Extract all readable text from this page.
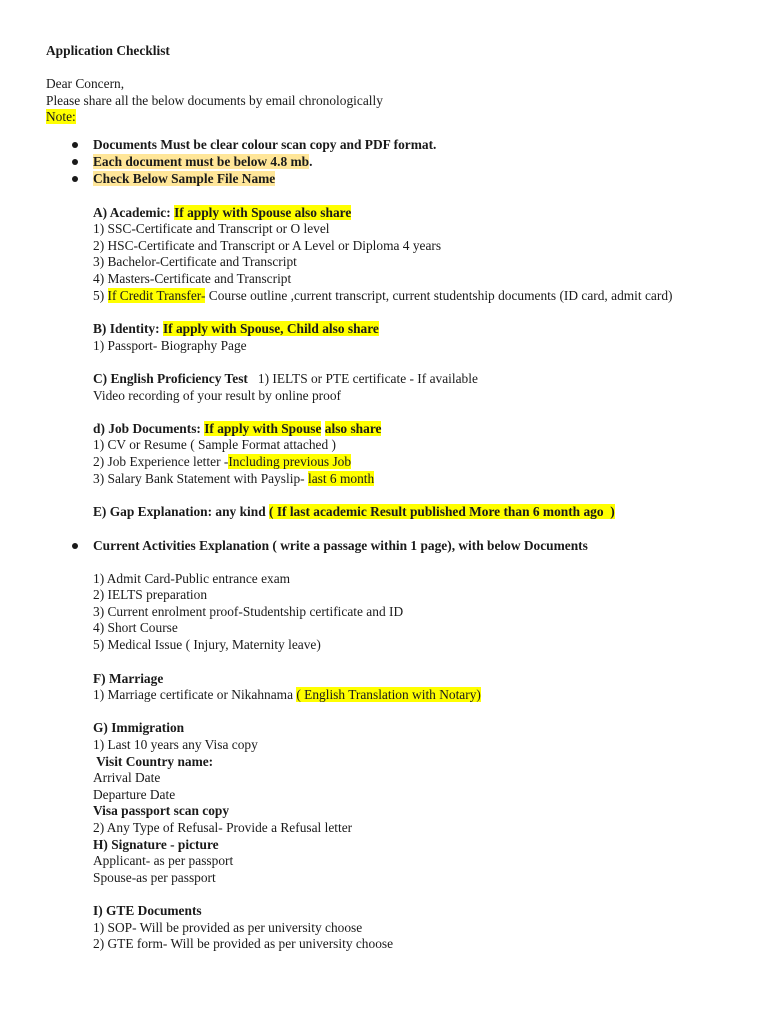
Application Checklist
Dear Concern,
Please share all the below documents by email chronologically
Note:
Documents Must be clear colour scan copy and PDF format.
Each document must be below 4.8 mb.
Check Below Sample File Name
A) Academic: If apply with Spouse also share
1) SSC-Certificate and Transcript or O level
2) HSC-Certificate and Transcript or A Level or Diploma 4 years
3) Bachelor-Certificate and Transcript
4) Masters-Certificate and Transcript
5) If Credit Transfer- Course outline ,current transcript, current studentship documents (ID card, admit card)
B) Identity: If apply with Spouse, Child also share
1) Passport- Biography Page
C) English Proficiency Test   1) IELTS or PTE certificate - If available
Video recording of your result by online proof
d) Job Documents: If apply with Spouse also share
1) CV or Resume ( Sample Format attached )
2) Job Experience letter -Including previous Job
3) Salary Bank Statement with Payslip- last 6 month
E) Gap Explanation: any kind ( If last academic Result published More than 6 month ago  )
Current Activities Explanation ( write a passage within 1 page), with below Documents
1) Admit Card-Public entrance exam
2) IELTS preparation
3) Current enrolment proof-Studentship certificate and ID
4) Short Course
5) Medical Issue ( Injury, Maternity leave)
F) Marriage
1) Marriage certificate or Nikahnama ( English Translation with Notary)
G) Immigration
1) Last 10 years any Visa copy
Visit Country name:
Arrival Date
Departure Date
Visa passport scan copy
2) Any Type of Refusal- Provide a Refusal letter
H) Signature - picture
Applicant- as per passport
Spouse-as per passport
I) GTE Documents
1) SOP- Will be provided as per university choose
2) GTE form- Will be provided as per university choose
